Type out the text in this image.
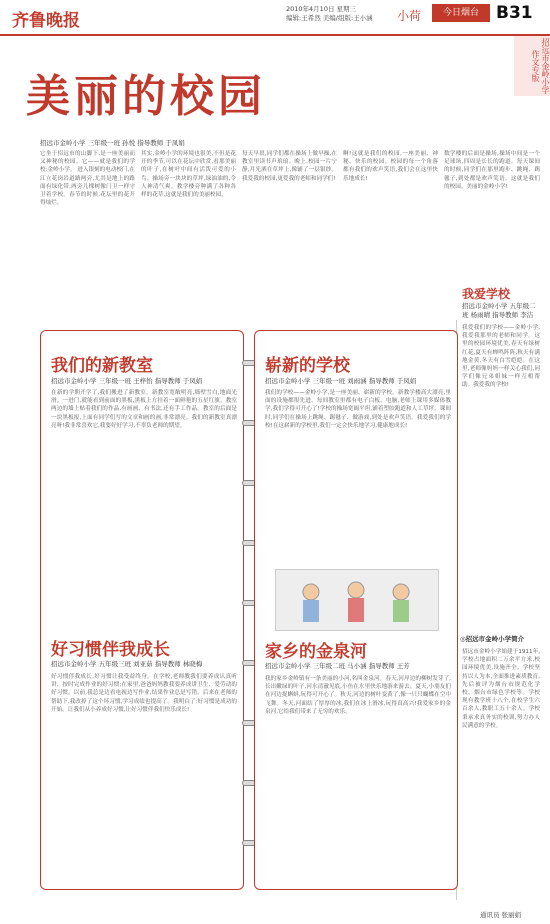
齐鲁晚报
2010年4月10日 星期三
编辑:王希然 美编/组版:王小涵	小荷	今日烟台	B31
招远市金岭小学作文专版
美丽的校园
招远市金岭小学 三年级一班 孙悦 指导教师 于凤娟
它坐于招远市的山脚下,是一座美丽而又神秘的校园。它——就是我们的学校:金岭小学。 进入银刻的电动校门,在江立花岗岩道路两旁,尤其是地上的路面有绿化带,两旁几棵树像门卫一样守卫着学校。春节的时候,花坛里的花开得灿烂。
其实,金岭小学的环境也很美,不但是花开的季节,可以在花坛中欣赏,看那美丽的叶子,在树叶中间有活泼可爱的小鸟。操场旁一块块的草坪,绿油油的,令人神清气爽。教学楼旁种满了各种各样的花草,这就是我们的美丽校园。
每天早晨,同学们都在操场上做早操,在教室里读书声琅琅。晚上,校园一片宁静,月光洒在草坪上,像铺了一层银纱。我爱我的校园,更爱我的老师和同学们!
啊!这就是我们的校园,一座美丽、神秘、快乐的校园。校园的每一个角落都有我们的欢声笑语,我们会在这里快乐地成长!
数学楼的后面是操场,操场中间是一个足球场,四周是长长的跑道。每天课间的时候,同学们在那里跑步、跳绳、踢毽子,到处都是欢声笑语。这就是我们的校园。美丽的金岭小学!
我爱学校
招远市金岭小学 五年级二班 杨雨晴 指导教师 李洁
我爱我们的学校——金岭小学,我爱我那里的老师和同学。这里的校园环境优美,春天有绿树红花,夏天有蝉鸣阵阵,秋天有满地金黄,冬天有白雪皑皑。在这里,老师像妈妈一样关心我们,同学们像兄弟姐妹一样互相帮助。我爱我的学校!
◎招远市金岭小学简介
招远市金岭小学始建于1911年,学校占地面积二万余平方米,校园环境优美,设施齐全。学校坚持以人为本,全面推进素质教育,先后被评为烟台市规范化学校、烟台市绿色学校等。学校现有教学班十八个,在校学生六百余人,教职工五十余人。学校秉承求真务实的校训,努力办人民满意的学校。
通讯员 张丽娟
我们的新教室
招远市金岭小学 三年级一班 王梓怡 指导教师 于凤娟
在新的学期开学了,我们搬进了新教室。新教室宽敞明亮,墙壁雪白,地面光滑。一进门,就能看到前面的黑板,黑板上方挂着一面鲜艳的五星红旗。教室两边的墙上贴着我们的作品,有画画、有书法,还有手工作品。教室的后面是一块黑板报,上面有同学们写的文章和画的画,非常漂亮。我们的新教室真漂亮呀!我非常喜欢它,我要好好学习,不辜负老师的期望。
好习惯伴我成长
招远市金岭小学 五年级三班 刘亚茹 指导教师 林晓梅
好习惯伴我成长,好习惯让我受益终身。在学校,老师教我们要养成认真听讲、按时完成作业的好习惯;在家里,爸爸妈妈教我要养成讲卫生、爱劳动的好习惯。以前,我总是边看电视边写作业,结果作业总是写错。后来在老师的帮助下,我改掉了这个坏习惯,学习成绩也提高了。我明白了:好习惯是成功的开始。让我们从小养成好习惯,让好习惯伴我们快乐成长!
崭新的学校
招远市金岭小学 三年级一班 刘雨涵 指导教师 于凤娟
我们的学校——金岭小学,是一座美丽、崭新的学校。新教学楼高大漂亮,里面的设施都很先进。每间教室里都有电子白板、电脑,老师上课用多媒体教学,我们学得可开心了!学校的操场宽阔平坦,铺着塑胶跑道和人工草坪。课间时,同学们在操场上跳绳、踢毽子、做游戏,到处是欢声笑语。我爱我们的学校!在这崭新的学校里,我们一定会快乐地学习,健康地成长!
家乡的金泉河
招远市金岭小学 三年级二班 马小涵 指导教师 王芳
我的家乡金岭镇有一条美丽的小河,名叫金泉河。春天,河岸边的柳树发芽了,长出嫩绿的叶子,河水清澈见底,小鱼在水里快乐地游来游去。夏天,小朋友们在河边捉蝌蚪,玩得可开心了。秋天,河边的树叶变黄了,像一只只蝴蝶在空中飞舞。冬天,河面结了厚厚的冰,我们在冰上滑冰,玩得真高兴!我爱家乡的金泉河,它给我们带来了无穷的欢乐。
